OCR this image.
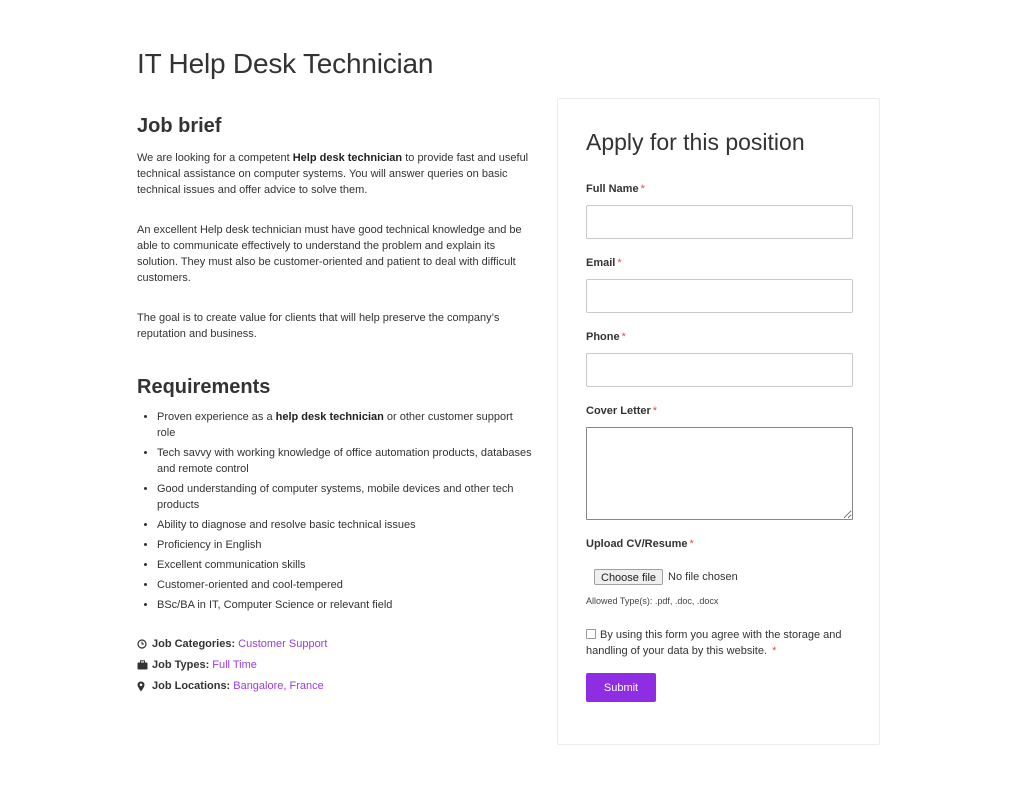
IT Help Desk Technician
Job brief

We are looking for a competent Help desk technician to provide fast and useful technical assistance on computer systems. You will answer queries on basic technical issues and offer advice to solve them.

An excellent Help desk technician must have good technical knowledge and be able to communicate effectively to understand the problem and explain its solution. They must also be customer-oriented and patient to deal with difficult customers.

The goal is to create value for clients that will help preserve the company’s reputation and business.

Requirements
• Proven experience as a help desk technician or other customer support role
• Tech savvy with working knowledge of office automation products, databases and remote control
• Good understanding of computer systems, mobile devices and other tech products
• Ability to diagnose and resolve basic technical issues
• Proficiency in English
• Excellent communication skills
• Customer-oriented and cool-tempered
• BSc/BA in IT, Computer Science or relevant field
Job Categories: Customer Support
Job Types: Full Time
Job Locations: Bangalore, France
Apply for this position
Full Name *
Email *
Phone *
Cover Letter *
Upload CV/Resume *
Choose file	No file chosen
Allowed Type(s): .pdf, .doc, .docx
By using this form you agree with the storage and handling of your data by this website. *
Submit
